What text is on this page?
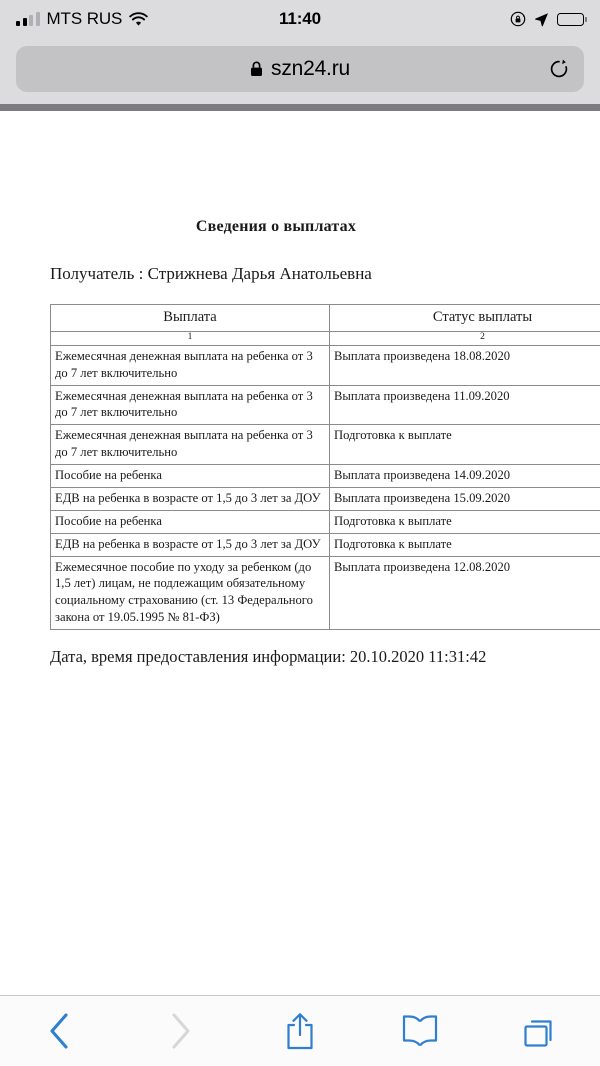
MTS RUS	11:40
szn24.ru
Сведения о выплатах
Получатель : Стрижнева Дарья Анатольевна
Выплата	Статус выплаты
1	2
Ежемесячная денежная выплата на ребенка от 3 до 7 лет включительно	Выплата произведена 18.08.2020
Ежемесячная денежная выплата на ребенка от 3 до 7 лет включительно	Выплата произведена 11.09.2020
Ежемесячная денежная выплата на ребенка от 3 до 7 лет включительно	Подготовка к выплате
Пособие на ребенка	Выплата произведена 14.09.2020
ЕДВ на ребенка в возрасте от 1,5 до 3 лет за ДОУ	Выплата произведена 15.09.2020
Пособие на ребенка	Подготовка к выплате
ЕДВ на ребенка в возрасте от 1,5 до 3 лет за ДОУ	Подготовка к выплате
Ежемесячное пособие по уходу за ребенком (до 1,5 лет) лицам, не подлежащим обязательному социальному страхованию (ст. 13 Федерального закона от 19.05.1995 № 81-ФЗ)	Выплата произведена 12.08.2020
Дата, время предоставления информации: 20.10.2020 11:31:42
